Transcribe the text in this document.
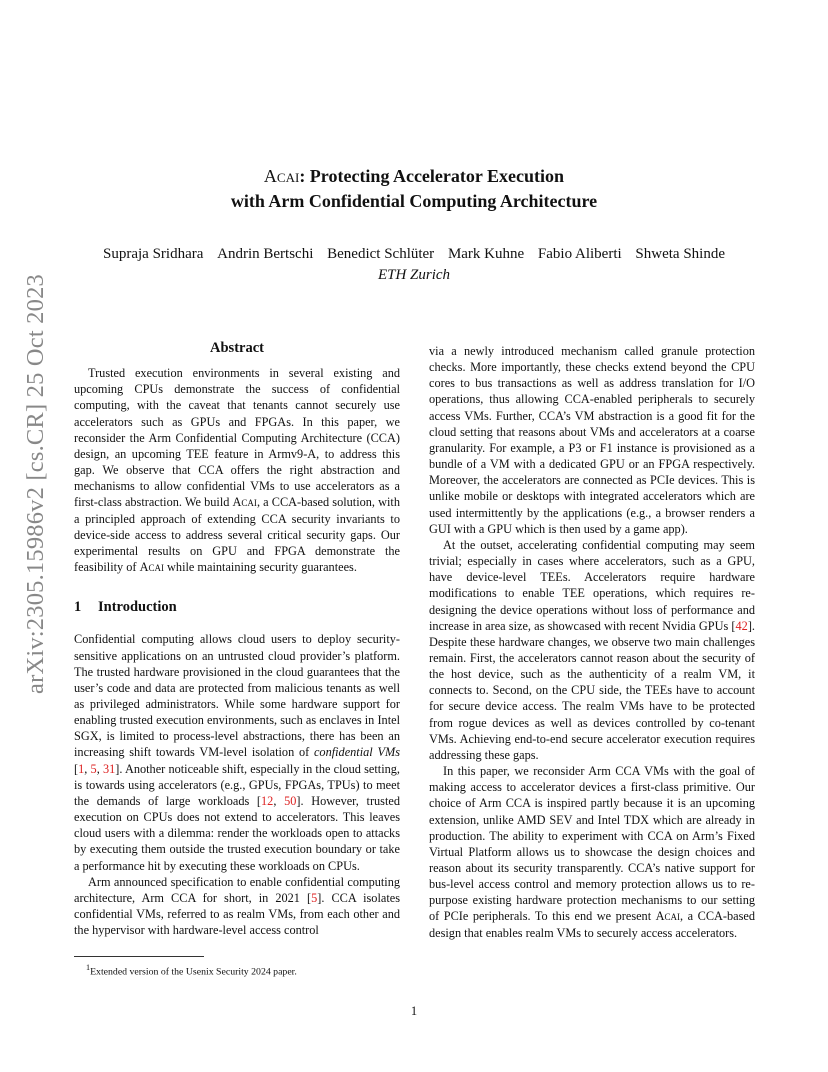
arXiv:2305.15986v2 [cs.CR] 25 Oct 2023
Acai: Protecting Accelerator Execution
with Arm Confidential Computing Architecture
Supraja Sridhara Andrin Bertschi Benedict Schlüter Mark Kuhne Fabio Aliberti Shweta Shinde
ETH Zurich
Abstract

Trusted execution environments in several existing and upcoming CPUs demonstrate the success of confidential computing, with the caveat that tenants cannot securely use accelerators such as GPUs and FPGAs. In this paper, we reconsider the Arm Confidential Computing Architecture (CCA) design, an upcoming TEE feature in Armv9-A, to address this gap. We observe that CCA offers the right abstraction and mechanisms to allow confidential VMs to use accelerators as a first-class abstraction. We build Acai, a CCA-based solution, with a principled approach of extending CCA security invariants to device-side access to address several critical security gaps. Our experimental results on GPU and FPGA demonstrate the feasibility of Acai while maintaining security guarantees.

1 Introduction

Confidential computing allows cloud users to deploy security-sensitive applications on an untrusted cloud provider’s platform. The trusted hardware provisioned in the cloud guarantees that the user’s code and data are protected from malicious tenants as well as privileged administrators. While some hardware support for enabling trusted execution environments, such as enclaves in Intel SGX, is limited to process-level abstractions, there has been an increasing shift towards VM-level isolation of confidential VMs [1, 5, 31]. Another noticeable shift, especially in the cloud setting, is towards using accelerators (e.g., GPUs, FPGAs, TPUs) to meet the demands of large workloads [12, 50]. However, trusted execution on CPUs does not extend to accelerators. This leaves cloud users with a dilemma: render the workloads open to attacks by executing them outside the trusted execution boundary or take a performance hit by executing these workloads on CPUs.

Arm announced specification to enable confidential computing architecture, Arm CCA for short, in 2021 [5]. CCA isolates confidential VMs, referred to as realm VMs, from each other and the hypervisor with hardware-level access control

via a newly introduced mechanism called granule protection checks. More importantly, these checks extend beyond the CPU cores to bus transactions as well as address translation for I/O operations, thus allowing CCA-enabled peripherals to securely access VMs. Further, CCA’s VM abstraction is a good fit for the cloud setting that reasons about VMs and accelerators at a coarse granularity. For example, a P3 or F1 instance is provisioned as a bundle of a VM with a dedicated GPU or an FPGA respectively. Moreover, the accelerators are connected as PCIe devices. This is unlike mobile or desktops with integrated accelerators which are used intermittently by the applications (e.g., a browser renders a GUI with a GPU which is then used by a game app).

At the outset, accelerating confidential computing may seem trivial; especially in cases where accelerators, such as a GPU, have device-level TEEs. Accelerators require hardware modifications to enable TEE operations, which requires re-designing the device operations without loss of performance and increase in area size, as showcased with recent Nvidia GPUs [42]. Despite these hardware changes, we observe two main challenges remain. First, the accelerators cannot reason about the security of the host device, such as the authenticity of a realm VM, it connects to. Second, on the CPU side, the TEEs have to account for secure device access. The realm VMs have to be protected from rogue devices as well as devices controlled by co-tenant VMs. Achieving end-to-end secure accelerator execution requires addressing these gaps.

In this paper, we reconsider Arm CCA VMs with the goal of making access to accelerator devices a first-class primitive. Our choice of Arm CCA is inspired partly because it is an upcoming extension, unlike AMD SEV and Intel TDX which are already in production. The ability to experiment with CCA on Arm’s Fixed Virtual Platform allows us to showcase the design choices and reason about its security transparently. CCA’s native support for bus-level access control and memory protection allows us to re-purpose existing hardware protection mechanisms to our setting of PCIe peripherals. To this end we present Acai, a CCA-based design that enables realm VMs to securely access accelerators.

$^1$Extended version of the Usenix Security 2024 paper.
1
